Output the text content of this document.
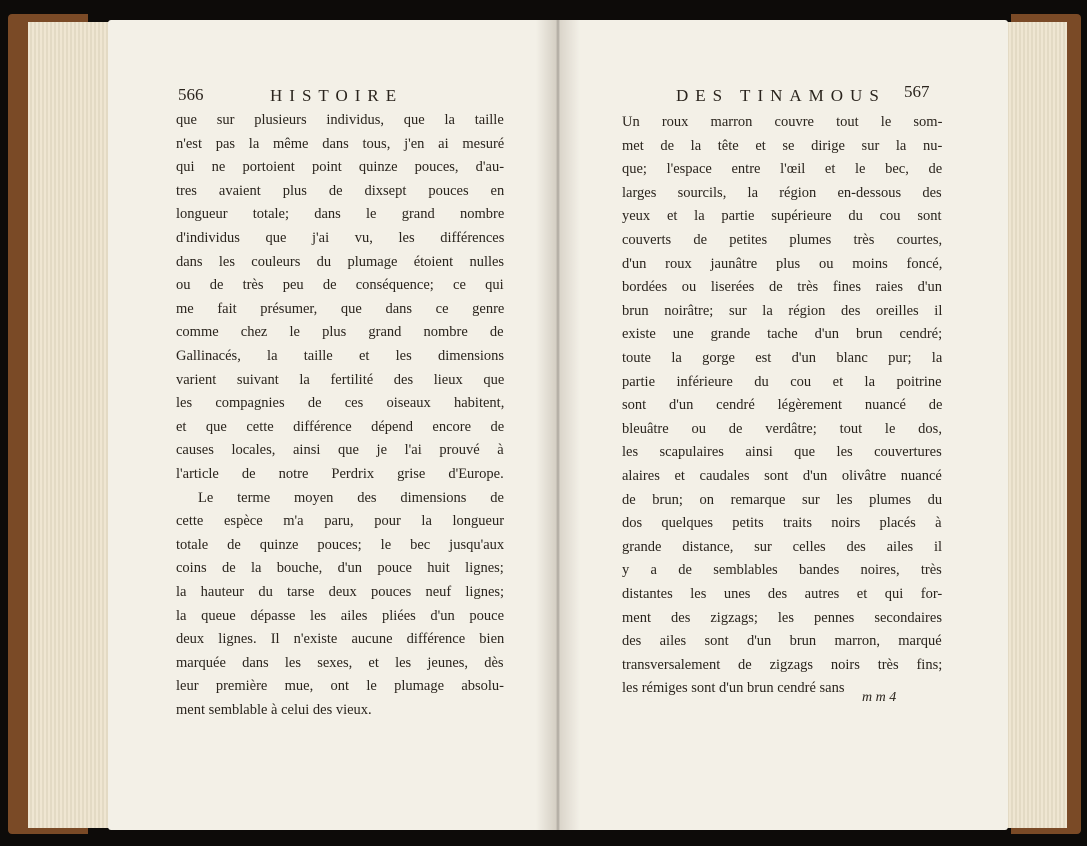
566	HISTOIRE	DES TINAMOUS 567
que sur plusieurs individus, que la taille
n'est pas la même dans tous, j'en ai mesuré
qui ne portoient point quinze pouces, d'au-
tres avaient plus de dixsept pouces en
longueur totale; dans le grand nombre
d'individus que j'ai vu, les différences
dans les couleurs du plumage étoient nulles
ou de très peu de conséquence; ce qui
me fait présumer, que dans ce genre
comme chez le plus grand nombre de
Gallinacés, la taille et les dimensions
varient suivant la fertilité des lieux que
les compagnies de ces oiseaux habitent,
et que cette différence dépend encore de
causes locales, ainsi que je l'ai prouvé à
l'article de notre Perdrix grise d'Europe.
Le terme moyen des dimensions de
cette espèce m'a paru, pour la longueur
totale de quinze pouces; le bec jusqu'aux
coins de la bouche, d'un pouce huit lignes;
la hauteur du tarse deux pouces neuf lignes;
la queue dépasse les ailes pliées d'un pouce
deux lignes. Il n'existe aucune différence bien
marquée dans les sexes, et les jeunes, dès
leur première mue, ont le plumage absolu-
ment semblable à celui des vieux.
Un roux marron couvre tout le som-
met de la tête et se dirige sur la nu-
que; l'espace entre l'œil et le bec, de
larges sourcils, la région en-dessous des
yeux et la partie supérieure du cou sont
couverts de petites plumes très courtes,
d'un roux jaunâtre plus ou moins foncé,
bordées ou liserées de très fines raies d'un
brun noirâtre; sur la région des oreilles il
existe une grande tache d'un brun cendré;
toute la gorge est d'un blanc pur; la
partie inférieure du cou et la poitrine
sont d'un cendré légèrement nuancé de
bleuâtre ou de verdâtre; tout le dos,
les scapulaires ainsi que les couvertures
alaires et caudales sont d'un olivâtre nuancé
de brun; on remarque sur les plumes du
dos quelques petits traits noirs placés à
grande distance, sur celles des ailes il
y a de semblables bandes noires, très
distantes les unes des autres et qui for-
ment des zigzags; les pennes secondaires
des ailes sont d'un brun marron, marqué
transversalement de zigzags noirs très fins;
les rémiges sont d'un brun cendré sans
m m 4
